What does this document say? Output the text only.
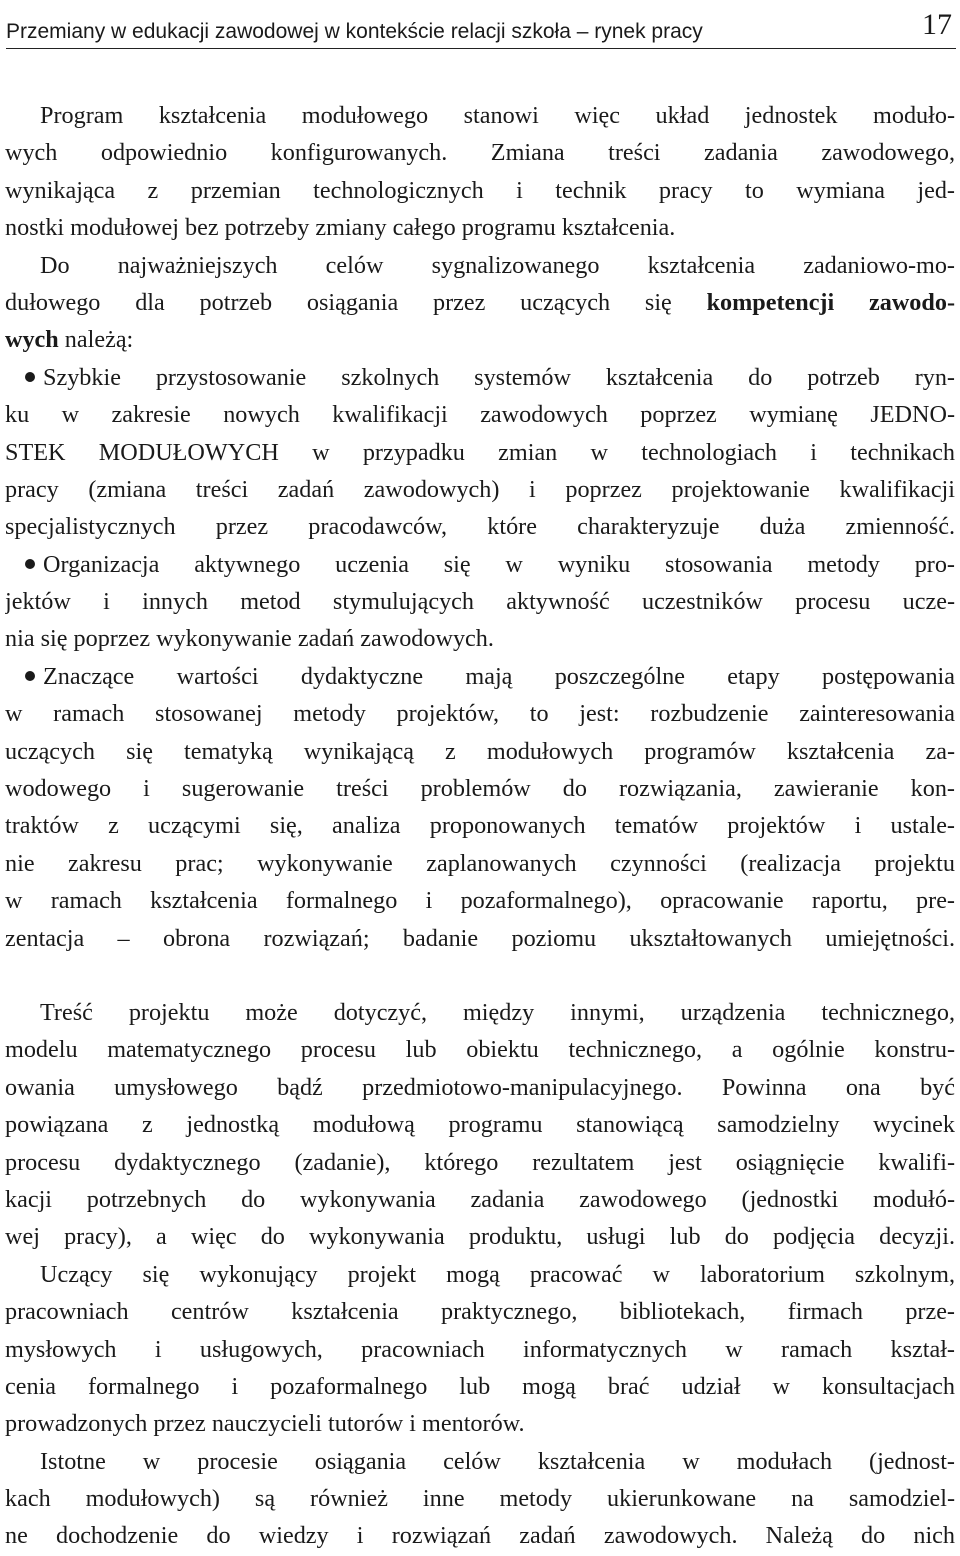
Przemiany w edukacji zawodowej w kontekście relacji szkoła – rynek pracy	17
Program kształcenia modułowego stanowi więc układ jednostek moduło-
wych odpowiednio konfigurowanych. Zmiana treści zadania zawodowego,
wynikająca z przemian technologicznych i technik pracy to wymiana jed-
nostki modułowej bez potrzeby zmiany całego programu kształcenia.
Do najważniejszych celów sygnalizowanego kształcenia zadaniowo-mo-
dułowego dla potrzeb osiągania przez uczących się kompetencji zawodo-
wych należą:
Szybkie przystosowanie szkolnych systemów kształcenia do potrzeb ryn-
ku w zakresie nowych kwalifikacji zawodowych poprzez wymianę JEDNO-
STEK MODUŁOWYCH w przypadku zmian w technologiach i technikach
pracy (zmiana treści zadań zawodowych) i poprzez projektowanie kwalifikacji
specjalistycznych przez pracodawców, które charakteryzuje duża zmienność.
Organizacja aktywnego uczenia się w wyniku stosowania metody pro-
jektów i innych metod stymulujących aktywność uczestników procesu ucze-
nia się poprzez wykonywanie zadań zawodowych.
Znaczące wartości dydaktyczne mają poszczególne etapy postępowania
w ramach stosowanej metody projektów, to jest: rozbudzenie zainteresowania
uczących się tematyką wynikającą z modułowych programów kształcenia za-
wodowego i sugerowanie treści problemów do rozwiązania, zawieranie kon-
traktów z uczącymi się, analiza proponowanych tematów projektów i ustale-
nie zakresu prac; wykonywanie zaplanowanych czynności (realizacja projektu
w ramach kształcenia formalnego i pozaformalnego), opracowanie raportu, pre-
zentacja – obrona rozwiązań; badanie poziomu ukształtowanych umiejętności.
Treść projektu może dotyczyć, między innymi, urządzenia technicznego,
modelu matematycznego procesu lub obiektu technicznego, a ogólnie konstru-
owania umysłowego bądź przedmiotowo-manipulacyjnego. Powinna ona być
powiązana z jednostką modułową programu stanowiącą samodzielny wycinek
procesu dydaktycznego (zadanie), którego rezultatem jest osiągnięcie kwalifi-
kacji potrzebnych do wykonywania zadania zawodowego (jednostki modułó-
wej pracy), a więc do wykonywania produktu, usługi lub do podjęcia decyzji.
Uczący się wykonujący projekt mogą pracować w laboratorium szkolnym,
pracowniach centrów kształcenia praktycznego, bibliotekach, firmach prze-
mysłowych i usługowych, pracowniach informatycznych w ramach kształ-
cenia formalnego i pozaformalnego lub mogą brać udział w konsultacjach
prowadzonych przez nauczycieli tutorów i mentorów.
Istotne w procesie osiągania celów kształcenia w modułach (jednost-
kach modułowych) są również inne metody ukierunkowane na samodziel-
ne dochodzenie do wiedzy i rozwiązań zadań zawodowych. Należą do nich
